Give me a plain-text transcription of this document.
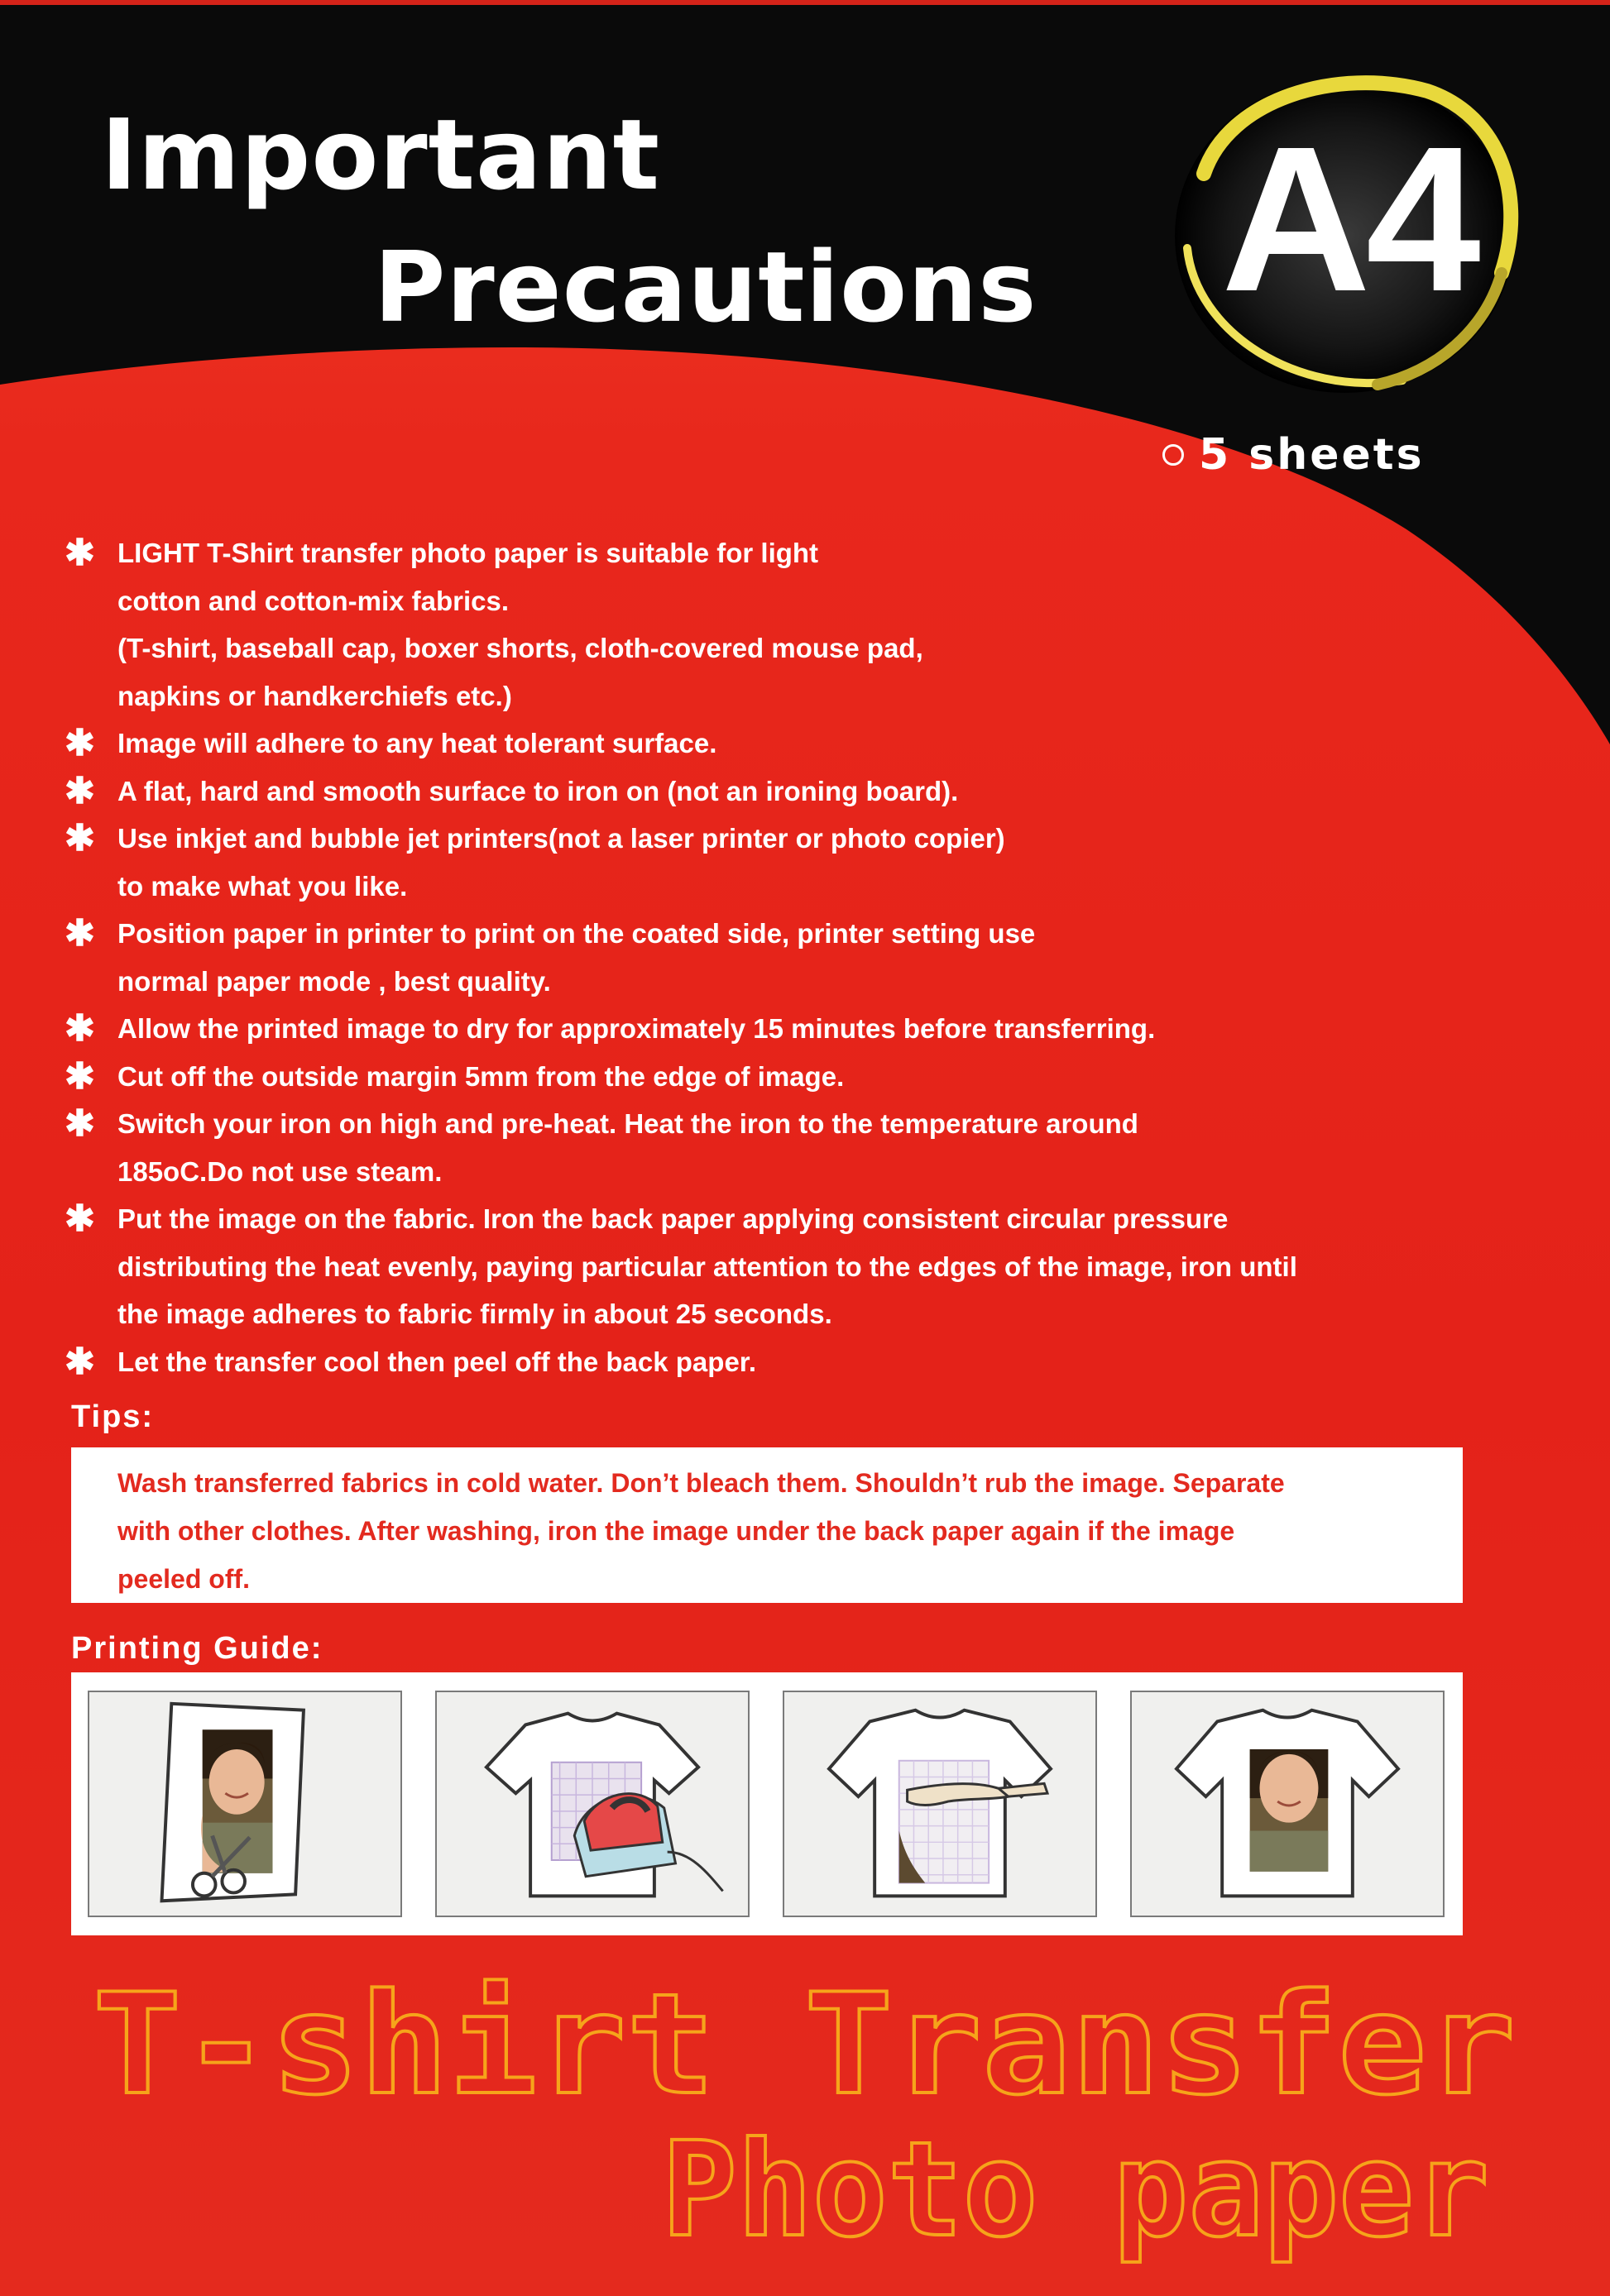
Important
Precautions A4
5 sheets
✱ LIGHT T-Shirt transfer photo paper is suitable for light
cotton and cotton-mix fabrics.
(T-shirt, baseball cap, boxer shorts, cloth-covered mouse pad,
napkins or handkerchiefs etc.)
✱ Image will adhere to any heat tolerant surface.
✱ A flat, hard and smooth surface to iron on (not an ironing board).
✱ Use inkjet and bubble jet printers(not a laser printer or photo copier)
to make what you like.
✱ Position paper in printer to print on the coated side, printer setting use
normal paper mode , best quality.
✱ Allow the printed image to dry for approximately 15 minutes before transferring.
✱ Cut off the outside margin 5mm from the edge of image.
✱ Switch your iron on high and pre-heat. Heat the iron to the temperature around
185oC.Do not use steam.
✱ Put the image on the fabric. Iron the back paper applying consistent circular pressure
distributing the heat evenly, paying particular attention to the edges of the image, iron until
the image adheres to fabric firmly in about 25 seconds.
✱ Let the transfer cool then peel off the back paper.
Tips:
Wash transferred fabrics in cold water. Don’t bleach them. Shouldn’t rub the image. Separate
with other clothes. After washing, iron the image under the back paper again if the image
peeled off.
Printing Guide:
T-shirt Transfer
Photo paper
